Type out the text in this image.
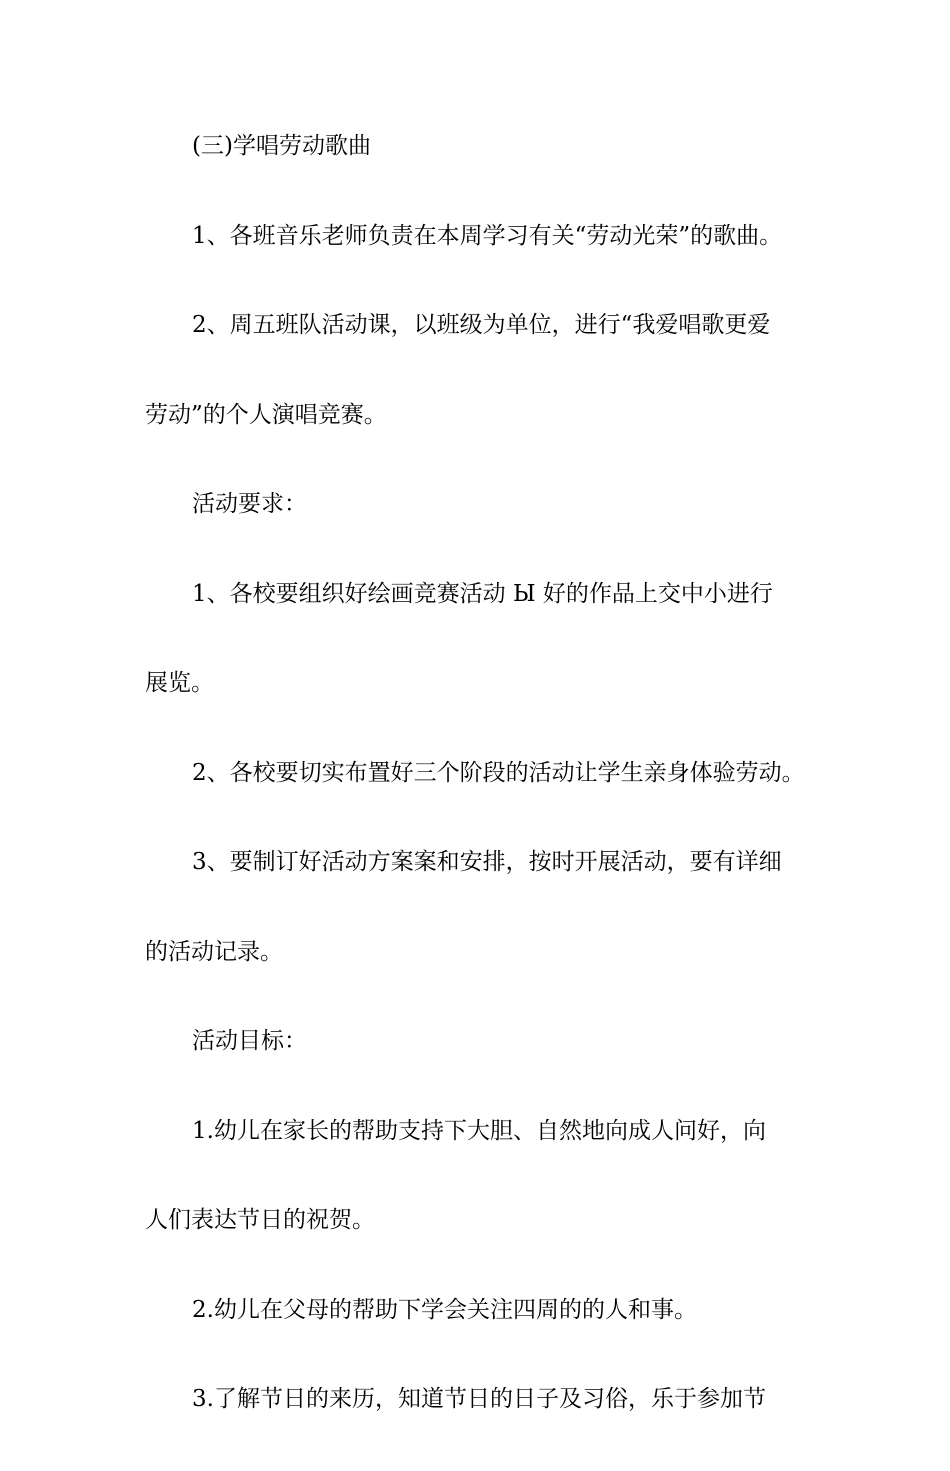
(三)学唱劳动歌曲
1、各班音乐老师负责在本周学习有关“劳动光荣”的歌曲。
2、周五班队活动课，以班级为单位，进行“我爱唱歌更爱
劳动”的个人演唱竞赛。
活动要求：
1、各校要组织好绘画竞赛活动 Ы 好的作品上交中小进行
展览。
2、各校要切实布置好三个阶段的活动让学生亲身体验劳动。
3、要制订好活动方案案和安排，按时开展活动，要有详细
的活动记录。
活动目标：
1.幼儿在家长的帮助支持下大胆、自然地向成人问好，向
人们表达节日的祝贺。
2.幼儿在父母的帮助下学会关注四周的的人和事。
3.了解节日的来历，知道节日的日子及习俗，乐于参加节
